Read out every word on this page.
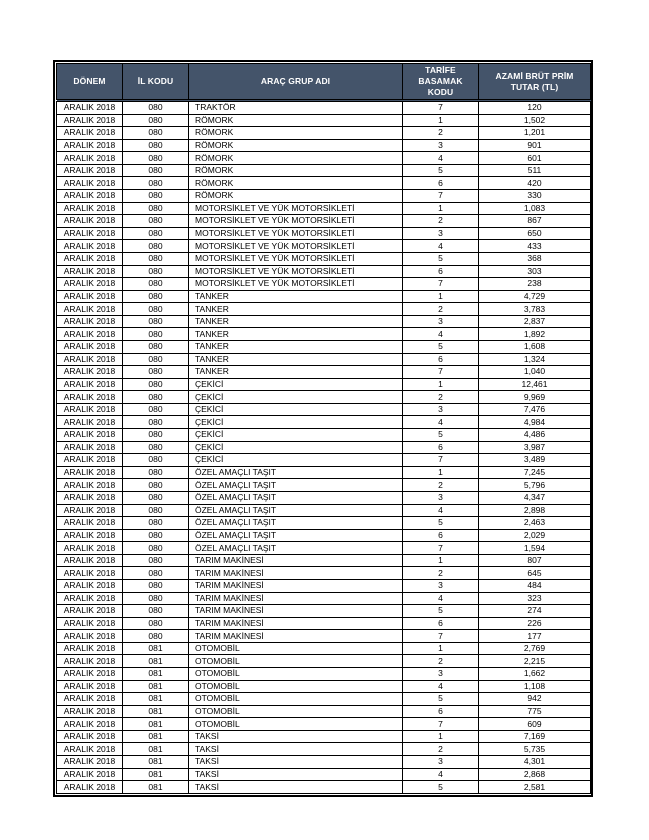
DÖNEM	İL KODU	ARAÇ GRUP ADI	TARİFE BASAMAK KODU	AZAMİ BRÜT PRİM TUTAR (TL)
ARALIK 2018	080	TRAKTÖR	7	120
ARALIK 2018	080	RÖMORK	1	1,502
ARALIK 2018	080	RÖMORK	2	1,201
ARALIK 2018	080	RÖMORK	3	901
ARALIK 2018	080	RÖMORK	4	601
ARALIK 2018	080	RÖMORK	5	511
ARALIK 2018	080	RÖMORK	6	420
ARALIK 2018	080	RÖMORK	7	330
ARALIK 2018	080	MOTORSİKLET VE YÜK MOTORSİKLETİ	1	1,083
ARALIK 2018	080	MOTORSİKLET VE YÜK MOTORSİKLETİ	2	867
ARALIK 2018	080	MOTORSİKLET VE YÜK MOTORSİKLETİ	3	650
ARALIK 2018	080	MOTORSİKLET VE YÜK MOTORSİKLETİ	4	433
ARALIK 2018	080	MOTORSİKLET VE YÜK MOTORSİKLETİ	5	368
ARALIK 2018	080	MOTORSİKLET VE YÜK MOTORSİKLETİ	6	303
ARALIK 2018	080	MOTORSİKLET VE YÜK MOTORSİKLETİ	7	238
ARALIK 2018	080	TANKER	1	4,729
ARALIK 2018	080	TANKER	2	3,783
ARALIK 2018	080	TANKER	3	2,837
ARALIK 2018	080	TANKER	4	1,892
ARALIK 2018	080	TANKER	5	1,608
ARALIK 2018	080	TANKER	6	1,324
ARALIK 2018	080	TANKER	7	1,040
ARALIK 2018	080	ÇEKİCİ	1	12,461
ARALIK 2018	080	ÇEKİCİ	2	9,969
ARALIK 2018	080	ÇEKİCİ	3	7,476
ARALIK 2018	080	ÇEKİCİ	4	4,984
ARALIK 2018	080	ÇEKİCİ	5	4,486
ARALIK 2018	080	ÇEKİCİ	6	3,987
ARALIK 2018	080	ÇEKİCİ	7	3,489
ARALIK 2018	080	ÖZEL AMAÇLI TAŞIT	1	7,245
ARALIK 2018	080	ÖZEL AMAÇLI TAŞIT	2	5,796
ARALIK 2018	080	ÖZEL AMAÇLI TAŞIT	3	4,347
ARALIK 2018	080	ÖZEL AMAÇLI TAŞIT	4	2,898
ARALIK 2018	080	ÖZEL AMAÇLI TAŞIT	5	2,463
ARALIK 2018	080	ÖZEL AMAÇLI TAŞIT	6	2,029
ARALIK 2018	080	ÖZEL AMAÇLI TAŞIT	7	1,594
ARALIK 2018	080	TARIM MAKİNESİ	1	807
ARALIK 2018	080	TARIM MAKİNESİ	2	645
ARALIK 2018	080	TARIM MAKİNESİ	3	484
ARALIK 2018	080	TARIM MAKİNESİ	4	323
ARALIK 2018	080	TARIM MAKİNESİ	5	274
ARALIK 2018	080	TARIM MAKİNESİ	6	226
ARALIK 2018	080	TARIM MAKİNESİ	7	177
ARALIK 2018	081	OTOMOBİL	1	2,769
ARALIK 2018	081	OTOMOBİL	2	2,215
ARALIK 2018	081	OTOMOBİL	3	1,662
ARALIK 2018	081	OTOMOBİL	4	1,108
ARALIK 2018	081	OTOMOBİL	5	942
ARALIK 2018	081	OTOMOBİL	6	775
ARALIK 2018	081	OTOMOBİL	7	609
ARALIK 2018	081	TAKSİ	1	7,169
ARALIK 2018	081	TAKSİ	2	5,735
ARALIK 2018	081	TAKSİ	3	4,301
ARALIK 2018	081	TAKSİ	4	2,868
ARALIK 2018	081	TAKSİ	5	2,581
